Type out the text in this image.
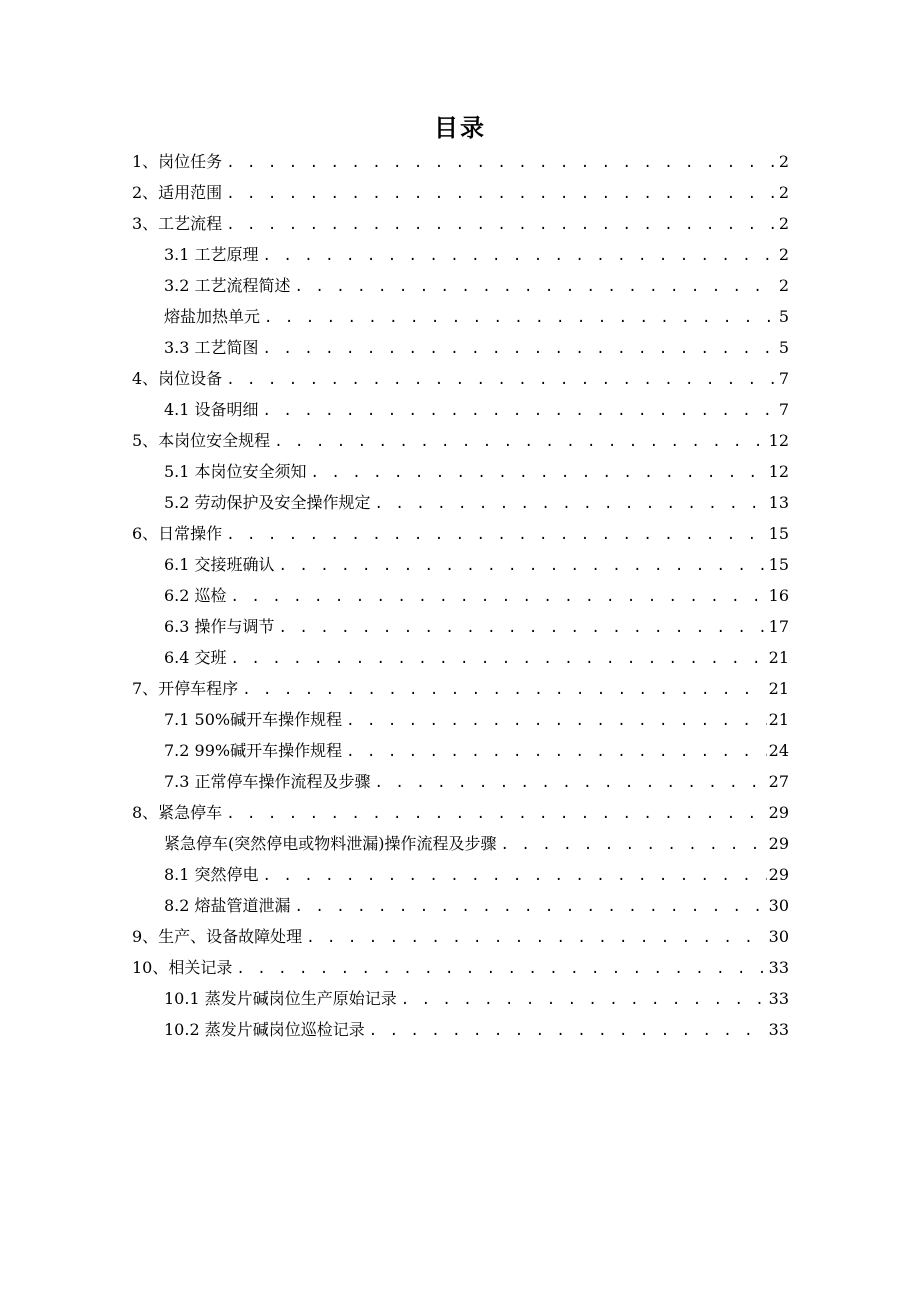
目录
1、岗位任务 . . .	2
2、适用范围 . . .	2
3、工艺流程 . . .	2
3.1 工艺原理 . . .	2
3.2 工艺流程简述 . . .	2
熔盐加热单元 . . .	5
3.3 工艺简图 . . .	5
4、岗位设备 . . .	7
4.1 设备明细 . . .	7
5、本岗位安全规程 . . .	12
5.1 本岗位安全须知 . . .	12
5.2 劳动保护及安全操作规定 . . .	13
6、日常操作 . . .	15
6.1 交接班确认 . . .	15
6.2 巡检 . . .	16
6.3 操作与调节 . . .	17
6.4 交班 . . .	21
7、开停车程序 . . .	21
7.1 50%碱开车操作规程 . . .	21
7.2 99%碱开车操作规程 . . .	24
7.3 正常停车操作流程及步骤 . . .	27
8、紧急停车 . . .	29
紧急停车(突然停电或物料泄漏)操作流程及步骤 . . .	29
8.1 突然停电 . . .	29
8.2 熔盐管道泄漏 . . .	30
9、生产、设备故障处理 . . .	30
10、相关记录 . . .	33
10.1 蒸发片碱岗位生产原始记录 . . .	33
10.2 蒸发片碱岗位巡检记录 . . .	33
